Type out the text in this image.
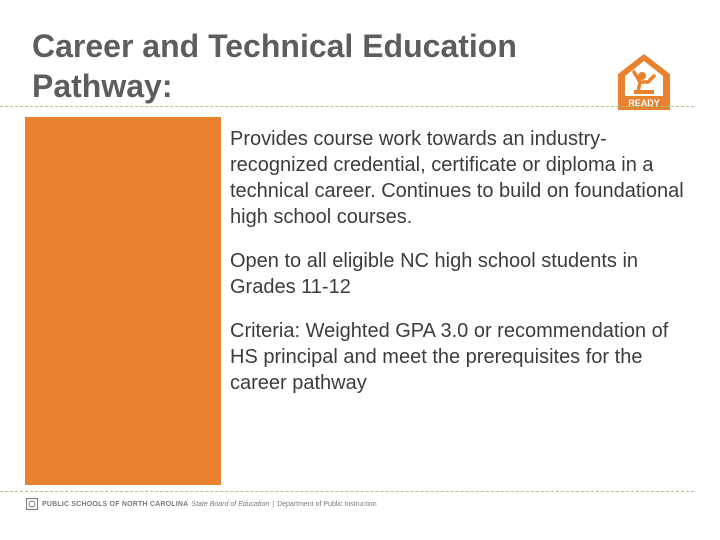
Career and Technical Education
Pathway:	READY

Provides course work towards an industry-recognized credential, certificate or diploma in a technical career. Continues to build on foundational high school courses.

Open to all eligible NC high school students in Grades 11-12

Criteria: Weighted GPA 3.0 or recommendation of HS principal and meet the prerequisites for the career pathway

PUBLIC SCHOOLS OF NORTH CAROLINA State Board of Education | Department of Public Instruction
